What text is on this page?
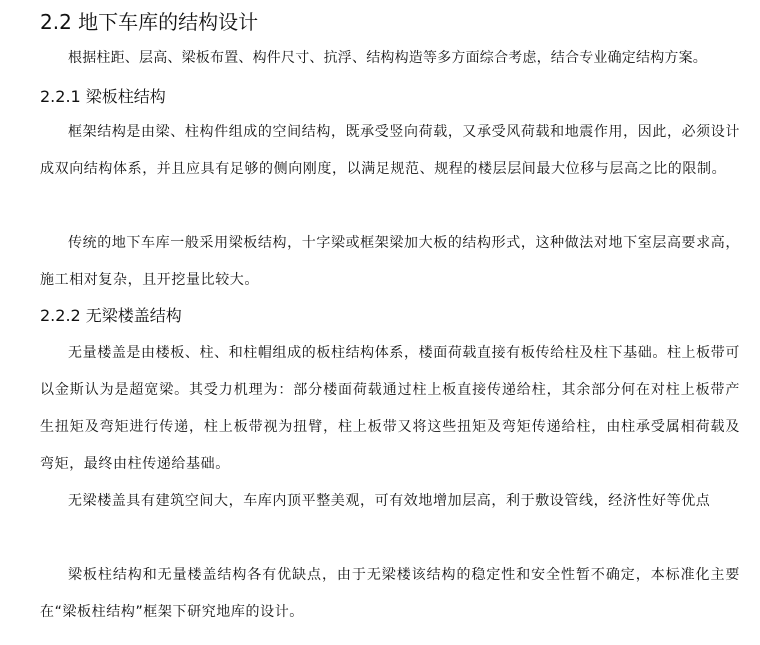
2.2 地下车库的结构设计

根据柱距、层高、梁板布置、构件尺寸、抗浮、结构构造等多方面综合考虑，结合专业确定结构方案。

2.2.1 梁板柱结构

框架结构是由梁、柱构件组成的空间结构，既承受竖向荷载，又承受风荷载和地震作用，因此，必须设计成双向结构体系，并且应具有足够的侧向刚度，以满足规范、规程的楼层层间最大位移与层高之比的限制。

传统的地下车库一般采用梁板结构，十字梁或框架梁加大板的结构形式，这种做法对地下室层高要求高，施工相对复杂，且开挖量比较大。

2.2.2 无梁楼盖结构

无量楼盖是由楼板、柱、和柱帽组成的板柱结构体系，楼面荷载直接有板传给柱及柱下基础。柱上板带可以金斯认为是超宽梁。其受力机理为：部分楼面荷载通过柱上板直接传递给柱，其余部分何在对柱上板带产生扭矩及弯矩进行传递，柱上板带视为扭臂，柱上板带又将这些扭矩及弯矩传递给柱，由柱承受属相荷载及弯矩，最终由柱传递给基础。

无梁楼盖具有建筑空间大，车库内顶平整美观，可有效地增加层高，利于敷设管线，经济性好等优点

梁板柱结构和无量楼盖结构各有优缺点，由于无梁楼该结构的稳定性和安全性暂不确定，本标准化主要在“梁板柱结构”框架下研究地库的设计。
